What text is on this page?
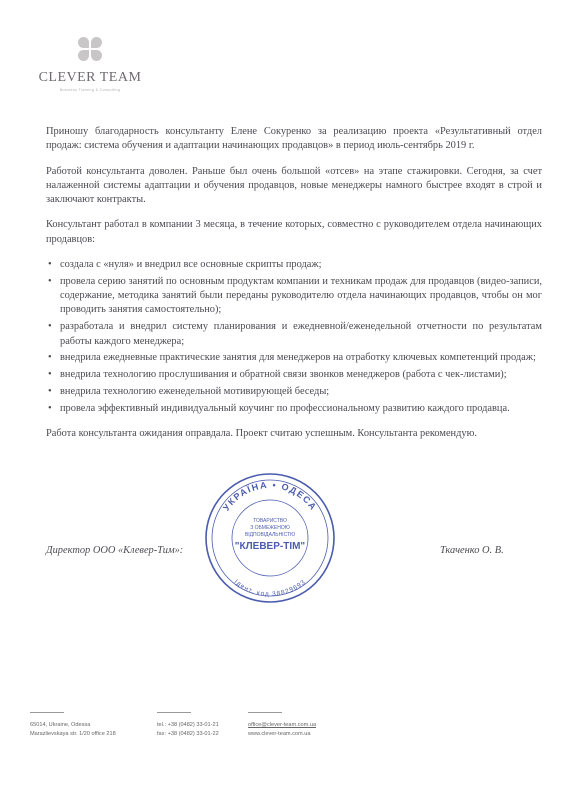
CLEVER TEAM
Business Training & Consulting

Приношу благодарность консультанту Елене Сокуренко за реализацию проекта «Результативный отдел продаж: система обучения и адаптации начинающих продавцов» в период июль-сентябрь 2019 г.

Работой консультанта доволен. Раньше был очень большой «отсев» на этапе стажировки. Сегодня, за счет налаженной системы адаптации и обучения продавцов, новые менеджеры намного быстрее входят в строй и заключают контракты.

Консультант работал в компании 3 месяца, в течение которых, совместно с руководителем отдела начинающих продавцов:

• создала с «нуля» и внедрил все основные скрипты продаж;
• провела серию занятий по основным продуктам компании и техникам продаж для продавцов (видео-записи, содержание, методика занятий были переданы руководителю отдела начинающих продавцов, чтобы он мог проводить занятия самостоятельно);
• разработала и внедрил систему планирования и ежедневной/еженедельной отчетности по результатам работы каждого менеджера;
• внедрила ежедневные практические занятия для менеджеров на отработку ключевых компетенций продаж;
• внедрила технологию прослушивания и обратной связи звонков менеджеров (работа с чек-листами);
• внедрила технологию еженедельной мотивирующей беседы;
• провела эффективный индивидуальный коучинг по профессиональному развитию каждого продавца.

Работа консультанта ожидания оправдала. Проект считаю успешным. Консультанта рекомендую.

УКРАЇНА • ОДЕСА
Ідент. код 38829693
ТОВАРИСТВО
З ОБМЕЖЕНОЮ
ВІДПОВІДАЛЬНІСТЮ
"КЛЕВЕР-ТІМ"
Директор ООО «Клевер-Тим»:	Ткаченко О. В.
65014, Ukraine, Odessa
Marazlievskaya str. 1/20 office 218
tel.: +38 (0482) 33-01-21
fax: +38 (0482) 33-01-22
office@clever-team.com.ua
www.clever-team.com.ua
